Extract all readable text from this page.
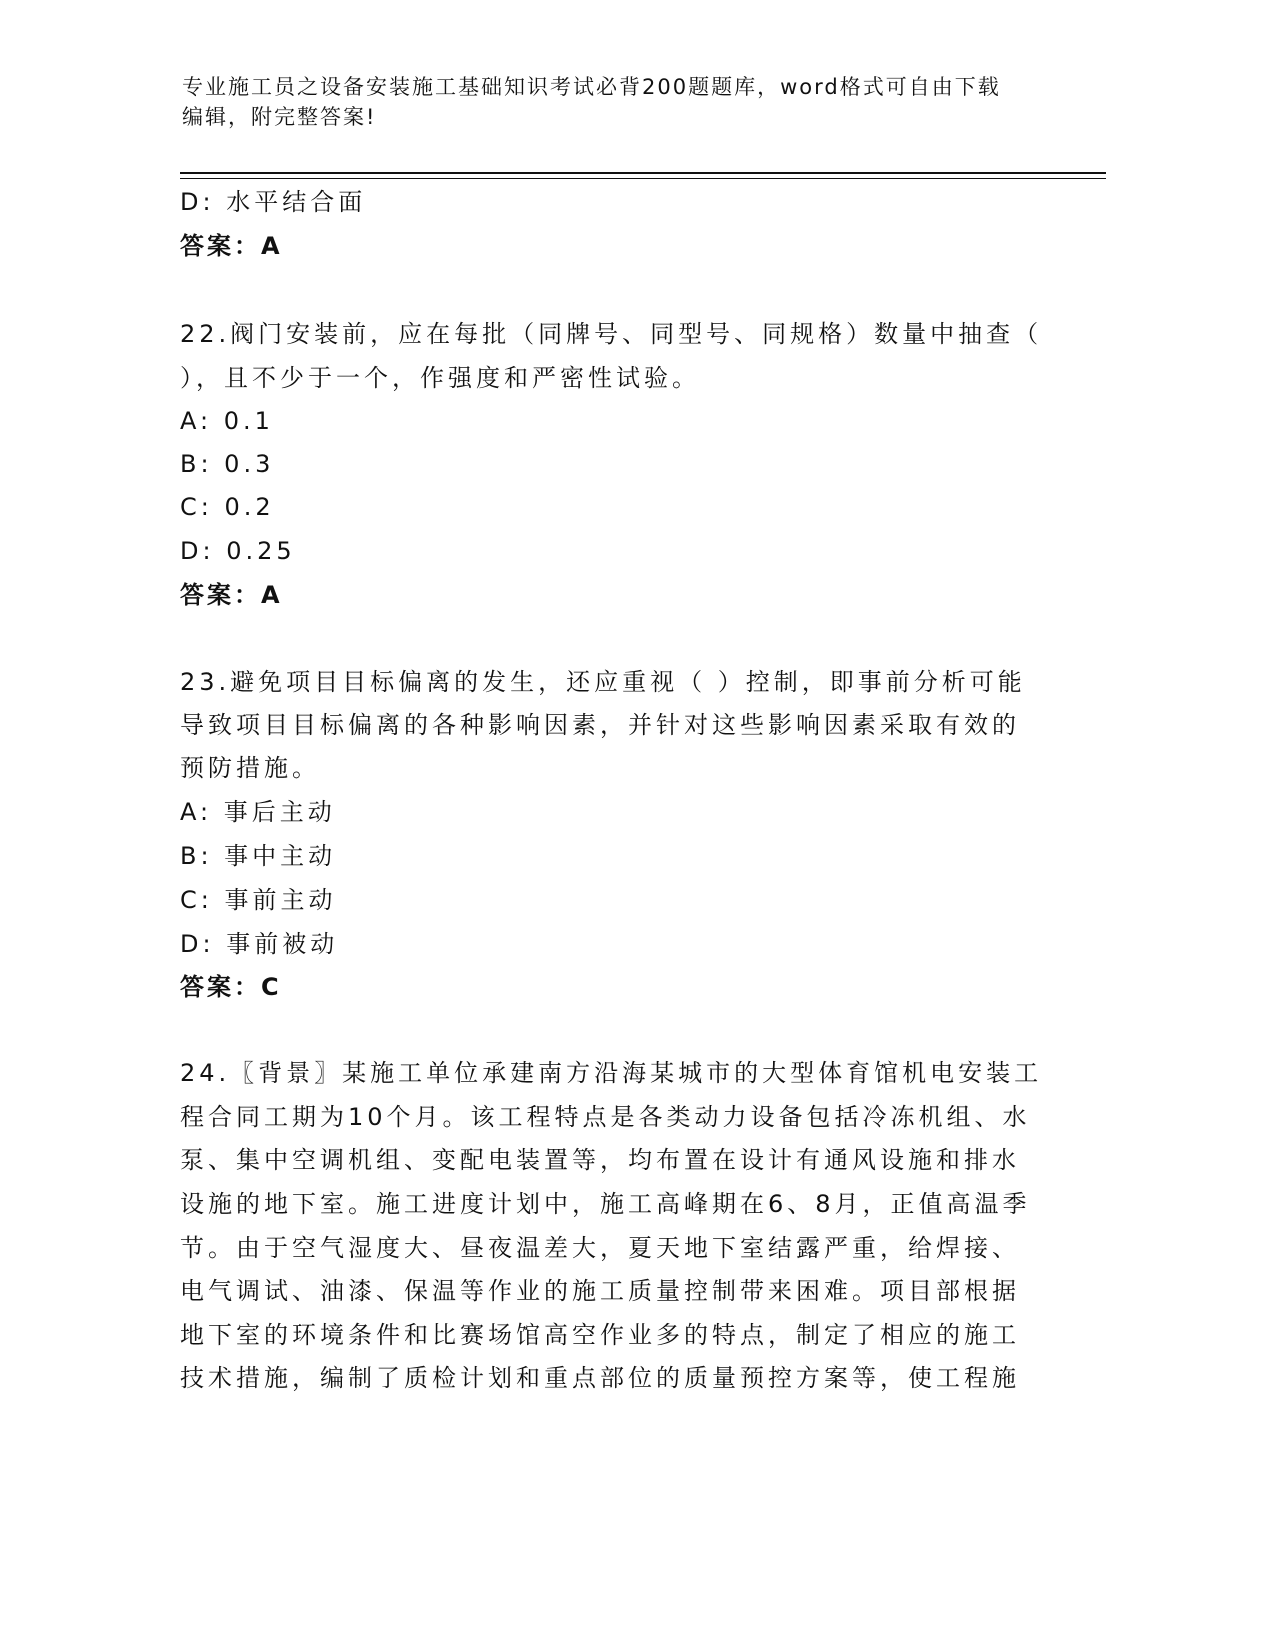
专业施工员之设备安装施工基础知识考试必背200题题库，word格式可自由下载
编辑，附完整答案!
D: 水平结合面
答案：A
22.阀门安装前，应在每批（同牌号、同型号、同规格）数量中抽查（
），且不少于一个，作强度和严密性试验。
A: 0.1
B: 0.3
C: 0.2
D: 0.25
答案：A
23.避免项目目标偏离的发生，还应重视（ ）控制，即事前分析可能
导致项目目标偏离的各种影响因素，并针对这些影响因素采取有效的
预防措施。
A: 事后主动
B: 事中主动
C: 事前主动
D: 事前被动
答案：C
24.〖背景〗某施工单位承建南方沿海某城市的大型体育馆机电安装工
程合同工期为10个月。该工程特点是各类动力设备包括冷冻机组、水
泵、集中空调机组、变配电装置等，均布置在设计有通风设施和排水
设施的地下室。施工进度计划中，施工高峰期在6、8月，正值高温季
节。由于空气湿度大、昼夜温差大，夏天地下室结露严重，给焊接、
电气调试、油漆、保温等作业的施工质量控制带来困难。项目部根据
地下室的环境条件和比赛场馆高空作业多的特点，制定了相应的施工
技术措施，编制了质检计划和重点部位的质量预控方案等，使工程施
